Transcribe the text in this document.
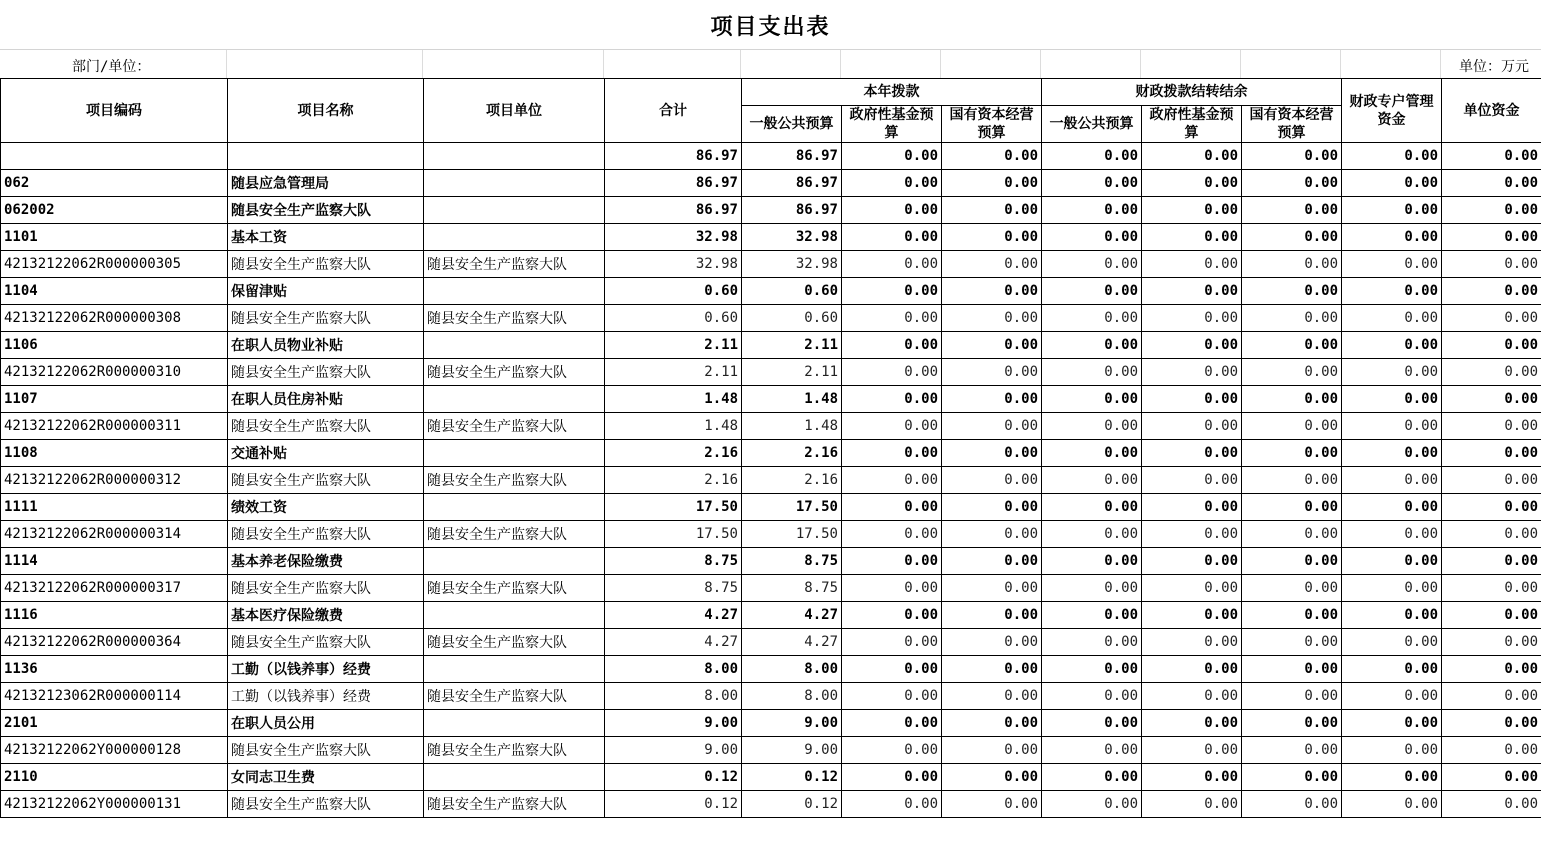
项目支出表
部门/单位：	单位：万元
项目编码	项目名称	项目单位	合计	本年拨款			财政拨款结转结余			财政专户管理资金	单位资金
				一般公共预算	政府性基金预算	国有资本经营预算	一般公共预算	政府性基金预算	国有资本经营预算		
			86.97	86.97	0.00	0.00	0.00	0.00	0.00	0.00	0.00
062	随县应急管理局		86.97	86.97	0.00	0.00	0.00	0.00	0.00	0.00	0.00
062002	随县安全生产监察大队		86.97	86.97	0.00	0.00	0.00	0.00	0.00	0.00	0.00
1101	基本工资		32.98	32.98	0.00	0.00	0.00	0.00	0.00	0.00	0.00
42132122062R000000305	随县安全生产监察大队	随县安全生产监察大队	32.98	32.98	0.00	0.00	0.00	0.00	0.00	0.00	0.00
1104	保留津贴		0.60	0.60	0.00	0.00	0.00	0.00	0.00	0.00	0.00
42132122062R000000308	随县安全生产监察大队	随县安全生产监察大队	0.60	0.60	0.00	0.00	0.00	0.00	0.00	0.00	0.00
1106	在职人员物业补贴		2.11	2.11	0.00	0.00	0.00	0.00	0.00	0.00	0.00
42132122062R000000310	随县安全生产监察大队	随县安全生产监察大队	2.11	2.11	0.00	0.00	0.00	0.00	0.00	0.00	0.00
1107	在职人员住房补贴		1.48	1.48	0.00	0.00	0.00	0.00	0.00	0.00	0.00
42132122062R000000311	随县安全生产监察大队	随县安全生产监察大队	1.48	1.48	0.00	0.00	0.00	0.00	0.00	0.00	0.00
1108	交通补贴		2.16	2.16	0.00	0.00	0.00	0.00	0.00	0.00	0.00
42132122062R000000312	随县安全生产监察大队	随县安全生产监察大队	2.16	2.16	0.00	0.00	0.00	0.00	0.00	0.00	0.00
1111	绩效工资		17.50	17.50	0.00	0.00	0.00	0.00	0.00	0.00	0.00
42132122062R000000314	随县安全生产监察大队	随县安全生产监察大队	17.50	17.50	0.00	0.00	0.00	0.00	0.00	0.00	0.00
1114	基本养老保险缴费		8.75	8.75	0.00	0.00	0.00	0.00	0.00	0.00	0.00
42132122062R000000317	随县安全生产监察大队	随县安全生产监察大队	8.75	8.75	0.00	0.00	0.00	0.00	0.00	0.00	0.00
1116	基本医疗保险缴费		4.27	4.27	0.00	0.00	0.00	0.00	0.00	0.00	0.00
42132122062R000000364	随县安全生产监察大队	随县安全生产监察大队	4.27	4.27	0.00	0.00	0.00	0.00	0.00	0.00	0.00
1136	工勤（以钱养事）经费		8.00	8.00	0.00	0.00	0.00	0.00	0.00	0.00	0.00
42132123062R000000114	工勤（以钱养事）经费	随县安全生产监察大队	8.00	8.00	0.00	0.00	0.00	0.00	0.00	0.00	0.00
2101	在职人员公用		9.00	9.00	0.00	0.00	0.00	0.00	0.00	0.00	0.00
42132122062Y000000128	随县安全生产监察大队	随县安全生产监察大队	9.00	9.00	0.00	0.00	0.00	0.00	0.00	0.00	0.00
2110	女同志卫生费		0.12	0.12	0.00	0.00	0.00	0.00	0.00	0.00	0.00
42132122062Y000000131	随县安全生产监察大队	随县安全生产监察大队	0.12	0.12	0.00	0.00	0.00	0.00	0.00	0.00	0.00
